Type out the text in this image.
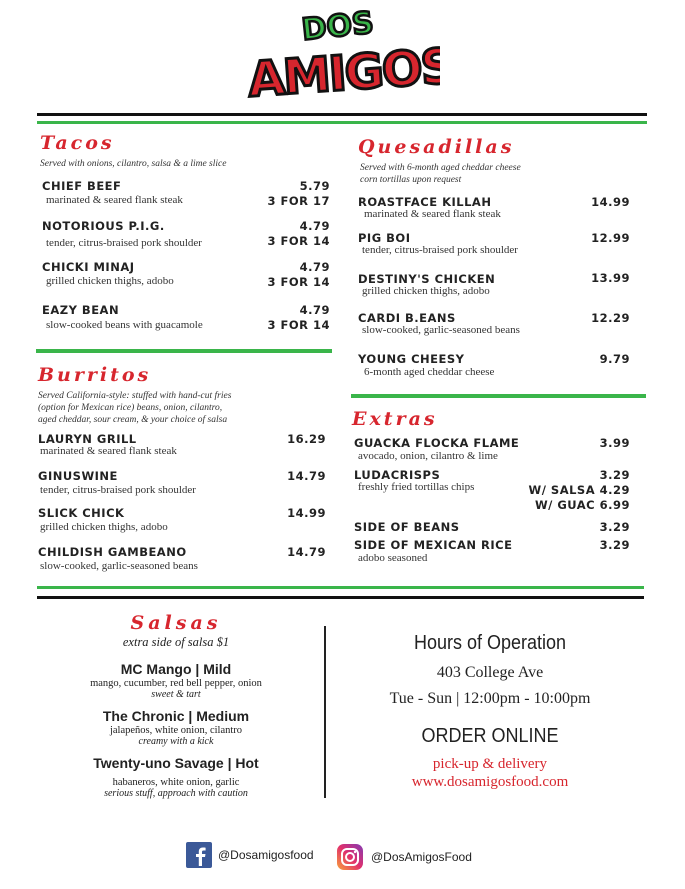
DOS
AMIGOS
Tacos
Served with onions, cilantro, salsa & a lime slice
CHIEF BEEF
marinated & seared flank steak
5.79
3 FOR 17
NOTORIOUS P.I.G.
tender, citrus-braised pork shoulder
4.79
3 FOR 14
CHICKI MINAJ
grilled chicken thighs, adobo
4.79
3 FOR 14
EAZY BEAN
slow-cooked beans with guacamole
4.79
3 FOR 14
Burritos
Served California-style: stuffed with hand-cut fries
(option for Mexican rice) beans, onion, cilantro,
aged cheddar, sour cream, & your choice of salsa
LAURYN GRILL
marinated & seared flank steak
16.29
GINUSWINE
tender, citrus-braised pork shoulder
14.79
SLICK CHICK
grilled chicken thighs, adobo
14.99
CHILDISH GAMBEANO
slow-cooked, garlic-seasoned beans
14.79
Quesadillas
Served with 6-month aged cheddar cheese
corn tortillas upon request
ROASTFACE KILLAH
marinated & seared flank steak
14.99
PIG BOI
tender, citrus-braised pork shoulder
12.99
DESTINY'S CHICKEN
grilled chicken thighs, adobo
13.99
CARDI B.EANS
slow-cooked, garlic-seasoned beans
12.29
YOUNG CHEESY
6-month aged cheddar cheese
9.79
Extras
GUACKA FLOCKA FLAME
avocado, onion, cilantro & lime
3.99
LUDACRISPS
freshly fried tortillas chips
3.29
W/ SALSA 4.29
W/ GUAC 6.99
SIDE OF BEANS	3.29
SIDE OF MEXICAN RICE
adobo seasoned
3.29
Salsas
extra side of salsa $1
MC Mango | Mild
mango, cucumber, red bell pepper, onion
sweet & tart
The Chronic | Medium
jalapeños, white onion, cilantro
creamy with a kick
Twenty-uno Savage | Hot
habaneros, white onion, garlic
serious stuff, approach with caution
Hours of Operation
403 College Ave
Tue - Sun | 12:00pm - 10:00pm
ORDER ONLINE
pick-up & delivery
www.dosamigosfood.com
@Dosamigosfood	@DosAmigosFood
